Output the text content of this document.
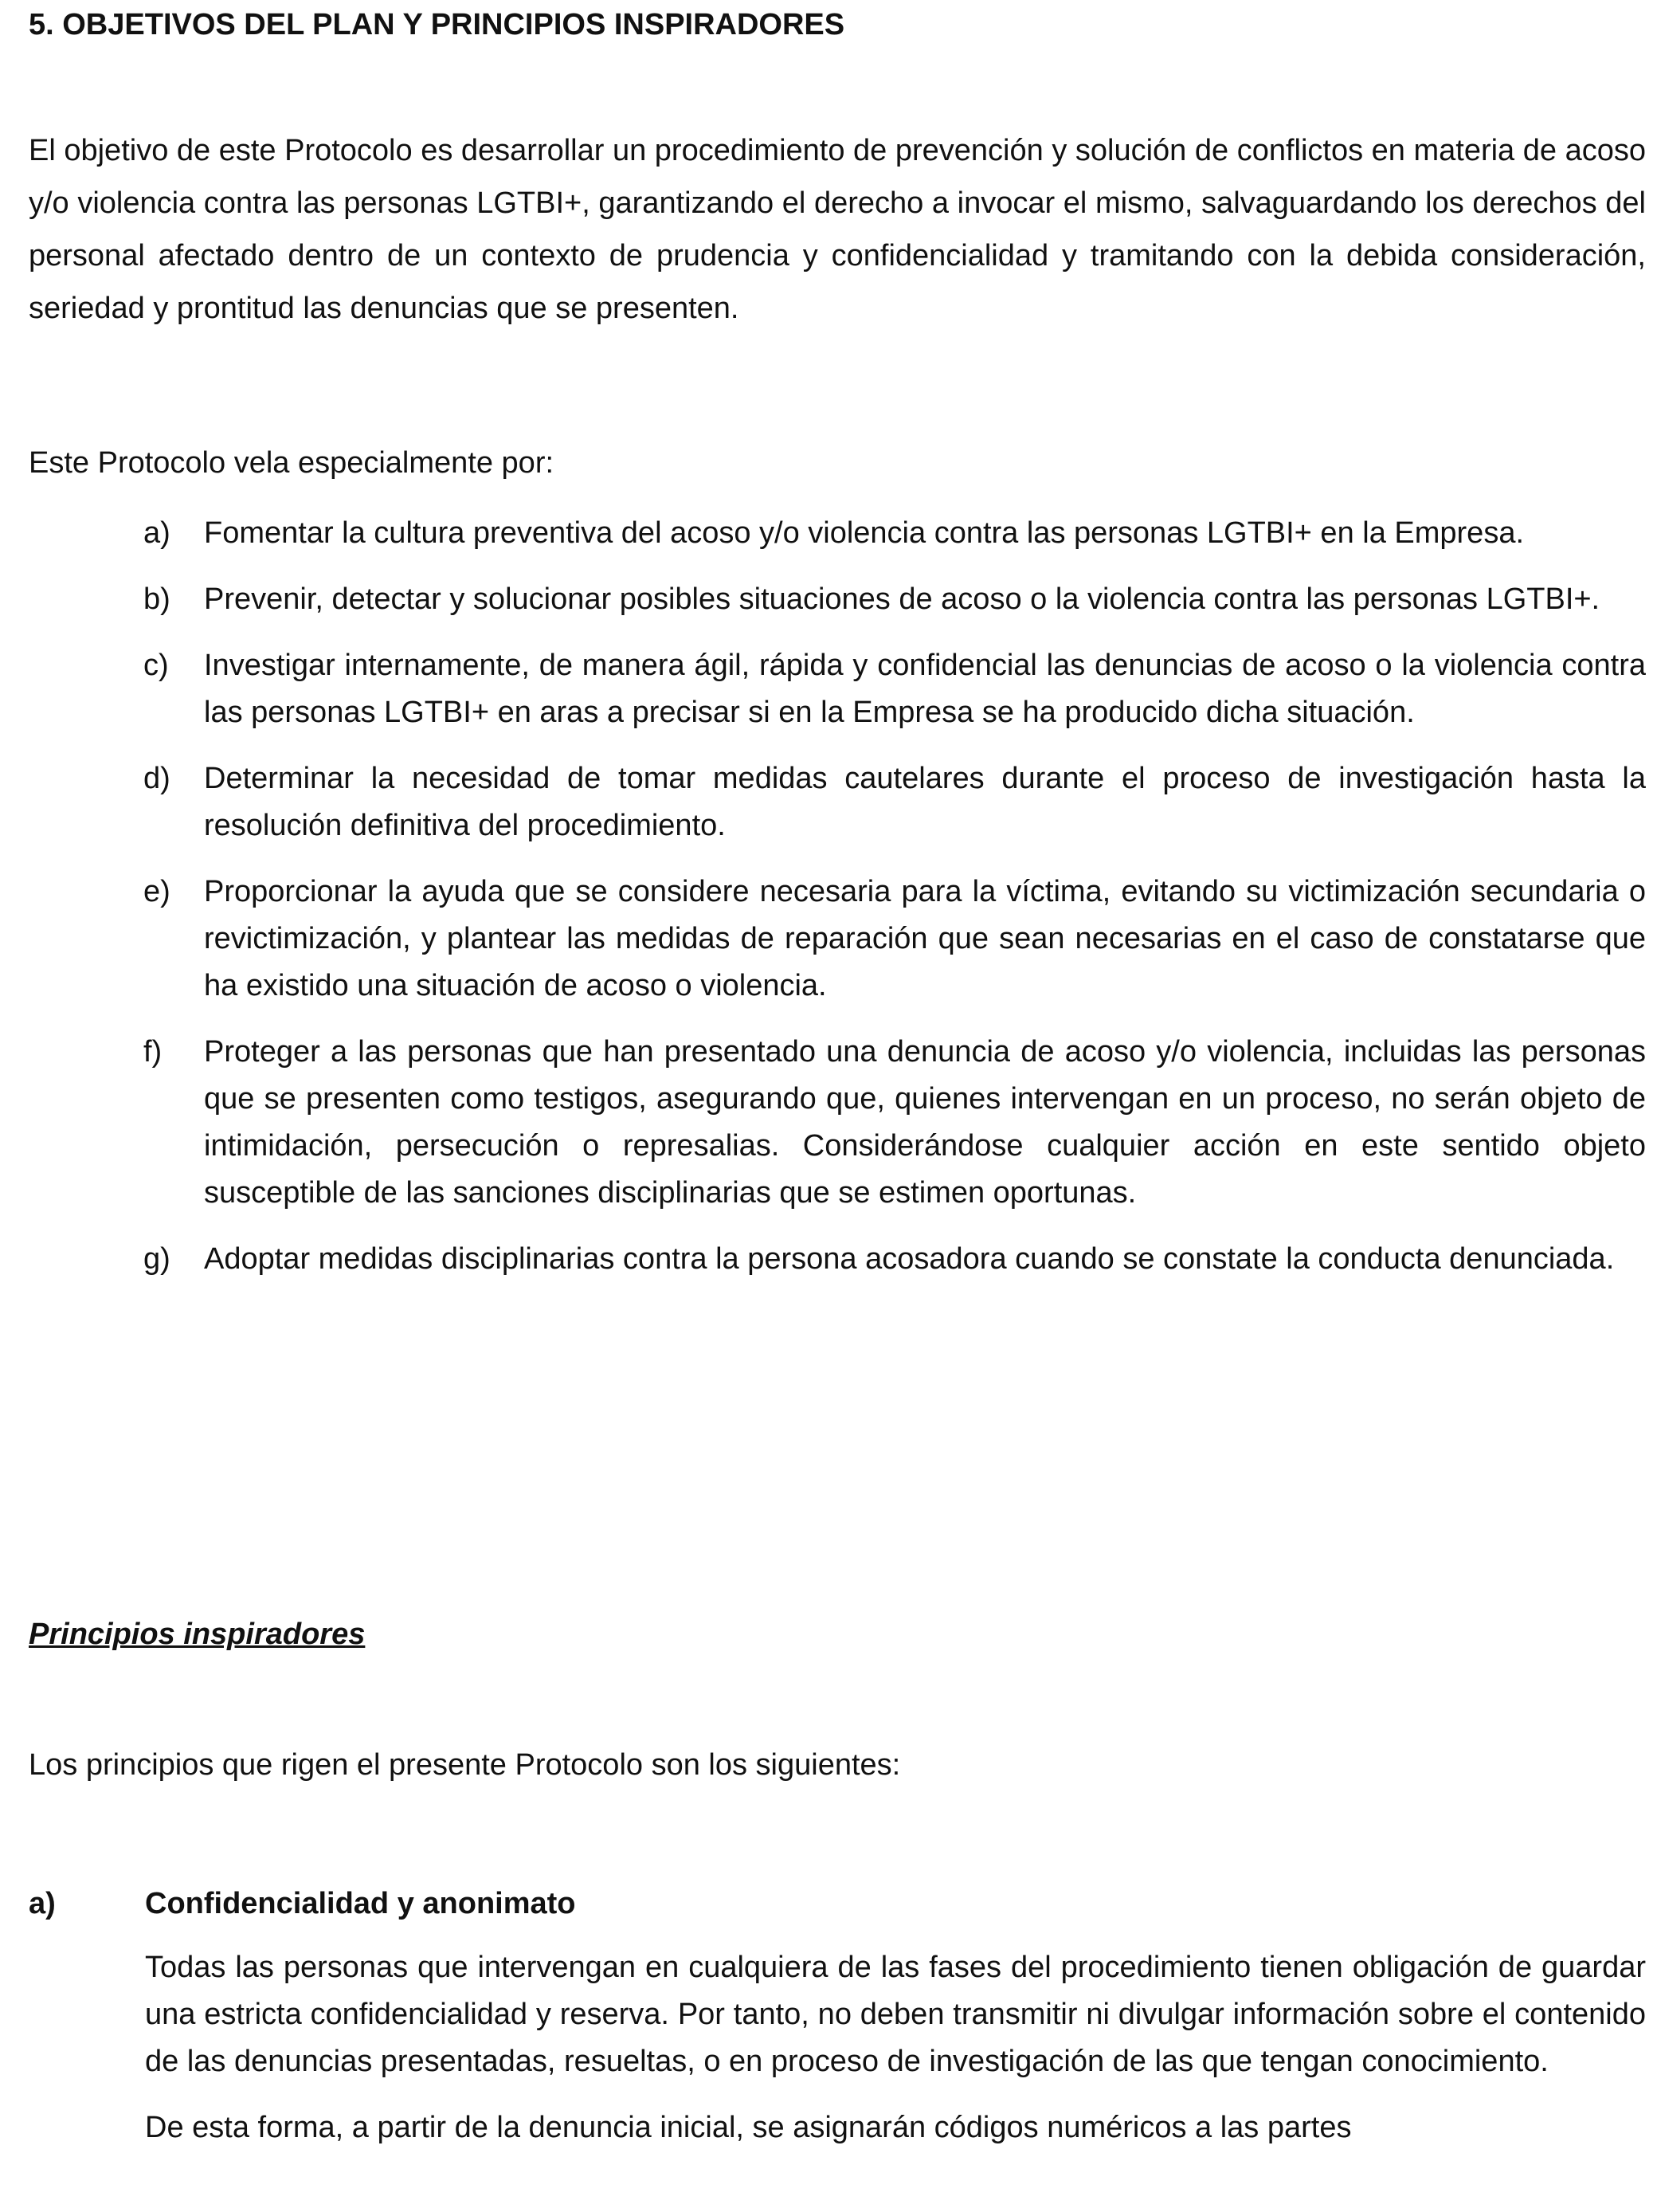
5. OBJETIVOS DEL PLAN Y PRINCIPIOS INSPIRADORES

El objetivo de este Protocolo es desarrollar un procedimiento de prevención y solución de conflictos en materia de acoso y/o violencia contra las personas LGTBI+, garantizando el derecho a invocar el mismo, salvaguardando los derechos del personal afectado dentro de un contexto de prudencia y confidencialidad y tramitando con la debida consideración, seriedad y prontitud las denuncias que se presenten.

Este Protocolo vela especialmente por:

a) Fomentar la cultura preventiva del acoso y/o violencia contra las personas LGTBI+ en la Empresa.
b) Prevenir, detectar y solucionar posibles situaciones de acoso o la violencia contra las personas LGTBI+.
c) Investigar internamente, de manera ágil, rápida y confidencial las denuncias de acoso o la violencia contra las personas LGTBI+ en aras a precisar si en la Empresa se ha producido dicha situación.
d) Determinar la necesidad de tomar medidas cautelares durante el proceso de investigación hasta la resolución definitiva del procedimiento.
e) Proporcionar la ayuda que se considere necesaria para la víctima, evitando su victimización secundaria o revictimización, y plantear las medidas de reparación que sean necesarias en el caso de constatarse que ha existido una situación de acoso o violencia.
f) Proteger a las personas que han presentado una denuncia de acoso y/o violencia, incluidas las personas que se presenten como testigos, asegurando que, quienes intervengan en un proceso, no serán objeto de intimidación, persecución o represalias. Considerándose cualquier acción en este sentido objeto susceptible de las sanciones disciplinarias que se estimen oportunas.
g) Adoptar medidas disciplinarias contra la persona acosadora cuando se constate la conducta denunciada.
Principios inspiradores

Los principios que rigen el presente Protocolo son los siguientes:

a)	Confidencialidad y anonimato

Todas las personas que intervengan en cualquiera de las fases del procedimiento tienen obligación de guardar una estricta confidencialidad y reserva. Por tanto, no deben transmitir ni divulgar información sobre el contenido de las denuncias presentadas, resueltas, o en proceso de investigación de las que tengan conocimiento.

De esta forma, a partir de la denuncia inicial, se asignarán códigos numéricos a las partes
